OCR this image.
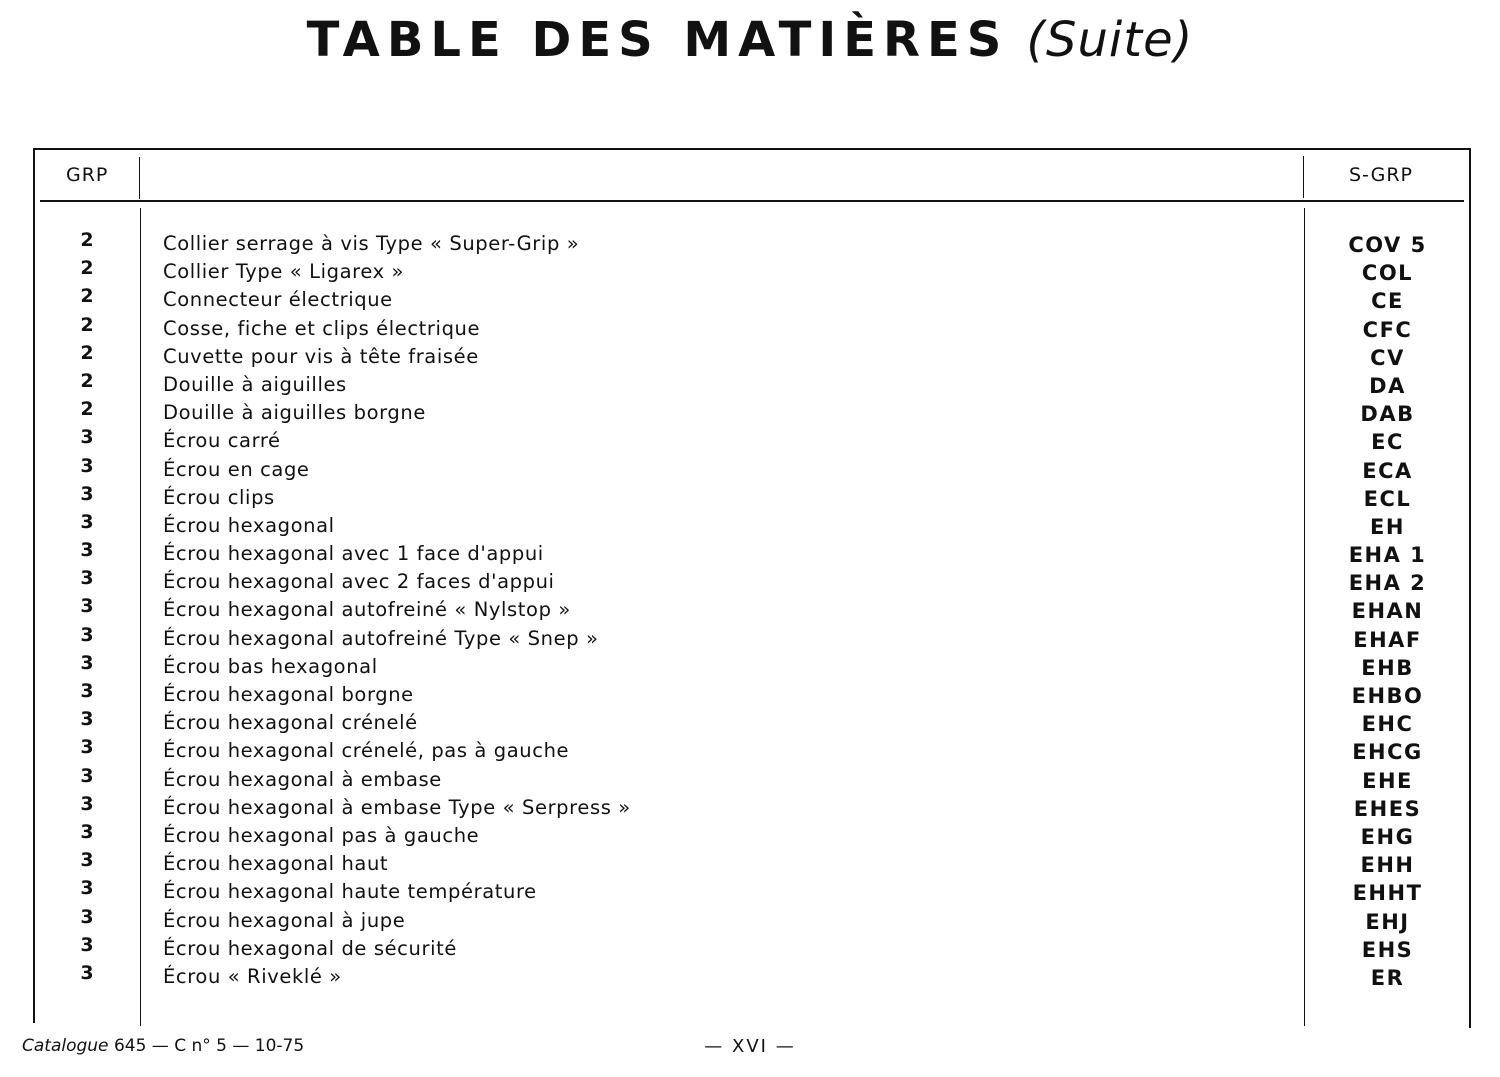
TABLE DES MATIÈRES (Suite)
GRP	S-GRP
2	Collier serrage à vis Type « Super-Grip »	COV 5
2	Collier Type « Ligarex »	COL
2	Connecteur électrique	CE
2	Cosse, fiche et clips électrique	CFC
2	Cuvette pour vis à tête fraisée	CV
2	Douille à aiguilles	DA
2	Douille à aiguilles borgne	DAB
3	Écrou carré	EC
3	Écrou en cage	ECA
3	Écrou clips	ECL
3	Écrou hexagonal	EH
3	Écrou hexagonal avec 1 face d'appui	EHA 1
3	Écrou hexagonal avec 2 faces d'appui	EHA 2
3	Écrou hexagonal autofreiné « Nylstop »	EHAN
3	Écrou hexagonal autofreiné Type « Snep »	EHAF
3	Écrou bas hexagonal	EHB
3	Écrou hexagonal borgne	EHBO
3	Écrou hexagonal crénelé	EHC
3	Écrou hexagonal crénelé, pas à gauche	EHCG
3	Écrou hexagonal à embase	EHE
3	Écrou hexagonal à embase Type « Serpress »	EHES
3	Écrou hexagonal pas à gauche	EHG
3	Écrou hexagonal haut	EHH
3	Écrou hexagonal haute température	EHHT
3	Écrou hexagonal à jupe	EHJ
3	Écrou hexagonal de sécurité	EHS
3	Écrou « Riveklé »	ER
Catalogue 645 — C n° 5 — 10-75	— XVI —
